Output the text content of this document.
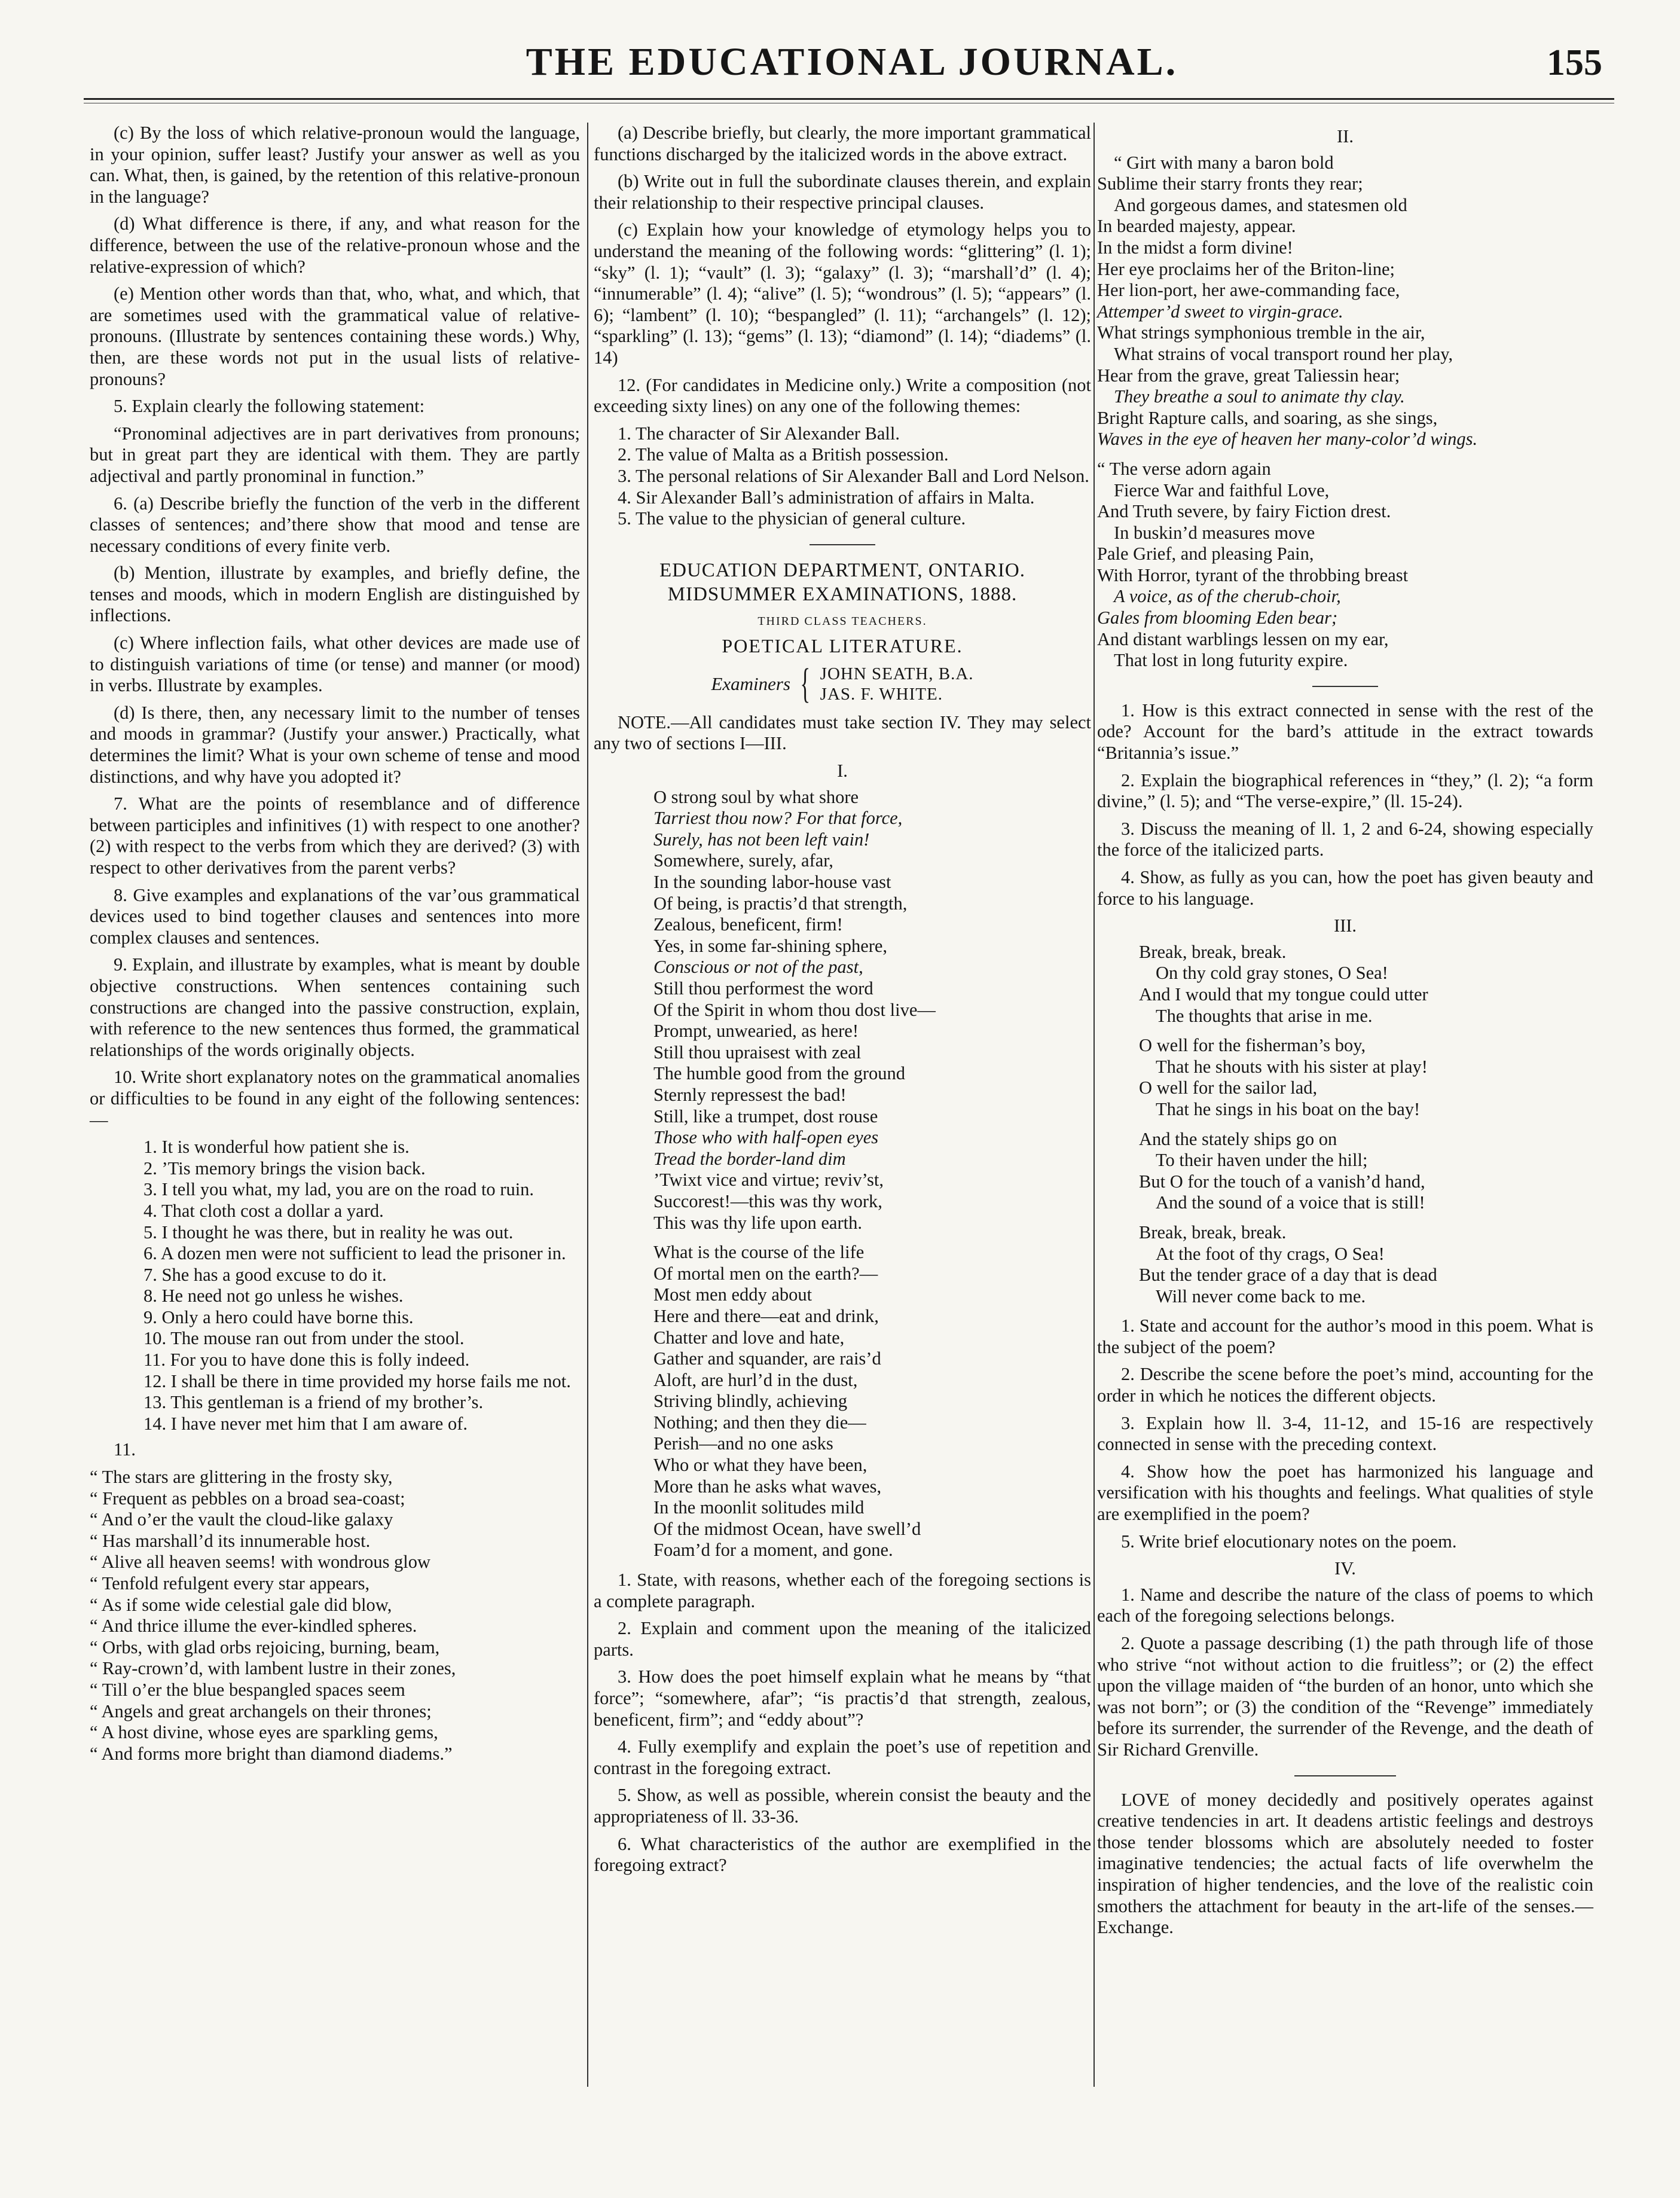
THE EDUCATIONAL JOURNAL.	155

(c) By the loss of which relative-pronoun would the language, in your opinion, suffer least? Justify your answer as well as you can. What, then, is gained, by the retention of this relative-pronoun in the language?

(d) What difference is there, if any, and what reason for the difference, between the use of the relative-pronoun whose and the relative-expression of which?

(e) Mention other words than that, who, what, and which, that are sometimes used with the grammatical value of relative-pronouns. (Illustrate by sentences containing these words.) Why, then, are these words not put in the usual lists of relative-pronouns?

5. Explain clearly the following statement:

“Pronominal adjectives are in part derivatives from pronouns; but in great part they are identical with them. They are partly adjectival and partly pronominal in function.”

6. (a) Describe briefly the function of the verb in the different classes of sentences; and’there show that mood and tense are necessary conditions of every finite verb.

(b) Mention, illustrate by examples, and briefly define, the tenses and moods, which in modern English are distinguished by inflections.

(c) Where inflection fails, what other devices are made use of to distinguish variations of time (or tense) and manner (or mood) in verbs. Illustrate by examples.

(d) Is there, then, any necessary limit to the number of tenses and moods in grammar? (Justify your answer.) Practically, what determines the limit? What is your own scheme of tense and mood distinctions, and why have you adopted it?

7. What are the points of resemblance and of difference between participles and infinitives (1) with respect to one another? (2) with respect to the verbs from which they are derived? (3) with respect to other derivatives from the parent verbs?

8. Give examples and explanations of the var’ous grammatical devices used to bind together clauses and sentences into more complex clauses and sentences.

9. Explain, and illustrate by examples, what is meant by double objective constructions. When sentences containing such constructions are changed into the passive construction, explain, with reference to the new sentences thus formed, the grammatical relationships of the words originally objects.

10. Write short explanatory notes on the grammatical anomalies or difficulties to be found in any eight of the following sentences:—

1. It is wonderful how patient she is.
2. ’Tis memory brings the vision back.
3. I tell you what, my lad, you are on the road to ruin.
4. That cloth cost a dollar a yard.
5. I thought he was there, but in reality he was out.
6. A dozen men were not sufficient to lead the prisoner in.
7. She has a good excuse to do it.
8. He need not go unless he wishes.
9. Only a hero could have borne this.
10. The mouse ran out from under the stool.
11. For you to have done this is folly indeed.
12. I shall be there in time provided my horse fails me not.
13. This gentleman is a friend of my brother’s.
14. I have never met him that I am aware of.

11.

“ The stars are glittering in the frosty sky,
“ Frequent as pebbles on a broad sea-coast;
“ And o’er the vault the cloud-like galaxy
“ Has marshall’d its innumerable host.
“ Alive all heaven seems! with wondrous glow
“ Tenfold refulgent every star appears,
“ As if some wide celestial gale did blow,
“ And thrice illume the ever-kindled spheres.
“ Orbs, with glad orbs rejoicing, burning, beam,
“ Ray-crown’d, with lambent lustre in their zones,
“ Till o’er the blue bespangled spaces seem
“ Angels and great archangels on their thrones;
“ A host divine, whose eyes are sparkling gems,
“ And forms more bright than diamond diadems.”

(a) Describe briefly, but clearly, the more important grammatical functions discharged by the italicized words in the above extract.

(b) Write out in full the subordinate clauses therein, and explain their relationship to their respective principal clauses.

(c) Explain how your knowledge of etymology helps you to understand the meaning of the following words: “glittering” (l. 1); “sky” (l. 1); “vault” (l. 3); “galaxy” (l. 3); “marshall’d” (l. 4); “innumerable” (l. 4); “alive” (l. 5); “wondrous” (l. 5); “appears” (l. 6); “lambent” (l. 10); “bespangled” (l. 11); “archangels” (l. 12); “sparkling” (l. 13); “gems” (l. 13); “diamond” (l. 14); “diadems” (l. 14)

12. (For candidates in Medicine only.) Write a composition (not exceeding sixty lines) on any one of the following themes:

1. The character of Sir Alexander Ball.
2. The value of Malta as a British possession.
3. The personal relations of Sir Alexander Ball and Lord Nelson.
4. Sir Alexander Ball’s administration of affairs in Malta.
5. The value to the physician of general culture.
EDUCATION DEPARTMENT, ONTARIO.
MIDSUMMER EXAMINATIONS, 1888.
THIRD CLASS TEACHERS.
POETICAL LITERATURE.
Examiners { JOHN SEATH, B.A.
JAS. F. WHITE.

NOTE.—All candidates must take section IV. They may select any two of sections I—III.

I.
O strong soul by what shore
Tarriest thou now? For that force,
Surely, has not been left vain!
Somewhere, surely, afar,
In the sounding labor-house vast
Of being, is practis’d that strength,
Zealous, beneficent, firm!
Yes, in some far-shining sphere,
Conscious or not of the past,
Still thou performest the word
Of the Spirit in whom thou dost live—
Prompt, unwearied, as here!
Still thou upraisest with zeal
The humble good from the ground
Sternly repressest the bad!
Still, like a trumpet, dost rouse
Those who with half-open eyes
Tread the border-land dim
’Twixt vice and virtue; reviv’st,
Succorest!—this was thy work,
This was thy life upon earth.
What is the course of the life
Of mortal men on the earth?—
Most men eddy about
Here and there—eat and drink,
Chatter and love and hate,
Gather and squander, are rais’d
Aloft, are hurl’d in the dust,
Striving blindly, achieving
Nothing; and then they die—
Perish—and no one asks
Who or what they have been,
More than he asks what waves,
In the moonlit solitudes mild
Of the midmost Ocean, have swell’d
Foam’d for a moment, and gone.

1. State, with reasons, whether each of the foregoing sections is a complete paragraph.

2. Explain and comment upon the meaning of the italicized parts.

3. How does the poet himself explain what he means by “that force”; “somewhere, afar”; “is practis’d that strength, zealous, beneficent, firm”; and “eddy about”?

4. Fully exemplify and explain the poet’s use of repetition and contrast in the foregoing extract.

5. Show, as well as possible, wherein consist the beauty and the appropriateness of ll. 33-36.

6. What characteristics of the author are exemplified in the foregoing extract?

II.
“ Girt with many a baron bold
Sublime their starry fronts they rear;
And gorgeous dames, and statesmen old
In bearded majesty, appear.
In the midst a form divine!
Her eye proclaims her of the Briton-line;
Her lion-port, her awe-commanding face,
Attemper’d sweet to virgin-grace.
What strings symphonious tremble in the air,
What strains of vocal transport round her play,
Hear from the grave, great Taliessin hear;
They breathe a soul to animate thy clay.
Bright Rapture calls, and soaring, as she sings,
Waves in the eye of heaven her many-color’d wings.
“ The verse adorn again
Fierce War and faithful Love,
And Truth severe, by fairy Fiction drest.
In buskin’d measures move
Pale Grief, and pleasing Pain,
With Horror, tyrant of the throbbing breast
A voice, as of the cherub-choir,
Gales from blooming Eden bear;
And distant warblings lessen on my ear,
That lost in long futurity expire.

1. How is this extract connected in sense with the rest of the ode? Account for the bard’s attitude in the extract towards “Britannia’s issue.”

2. Explain the biographical references in “they,” (l. 2); “a form divine,” (l. 5); and “The verse-expire,” (ll. 15-24).

3. Discuss the meaning of ll. 1, 2 and 6-24, showing especially the force of the italicized parts.

4. Show, as fully as you can, how the poet has given beauty and force to his language.

III.
Break, break, break.
On thy cold gray stones, O Sea!
And I would that my tongue could utter
The thoughts that arise in me.
O well for the fisherman’s boy,
That he shouts with his sister at play!
O well for the sailor lad,
That he sings in his boat on the bay!
And the stately ships go on
To their haven under the hill;
But O for the touch of a vanish’d hand,
And the sound of a voice that is still!
Break, break, break.
At the foot of thy crags, O Sea!
But the tender grace of a day that is dead
Will never come back to me.

1. State and account for the author’s mood in this poem. What is the subject of the poem?

2. Describe the scene before the poet’s mind, accounting for the order in which he notices the different objects.

3. Explain how ll. 3-4, 11-12, and 15-16 are respectively connected in sense with the preceding context.

4. Show how the poet has harmonized his language and versification with his thoughts and feelings. What qualities of style are exemplified in the poem?

5. Write brief elocutionary notes on the poem.

IV.

1. Name and describe the nature of the class of poems to which each of the foregoing selections belongs.

2. Quote a passage describing (1) the path through life of those who strive “not without action to die fruitless”; or (2) the effect upon the village maiden of “the burden of an honor, unto which she was not born”; or (3) the condition of the “Revenge” immediately before its surrender, the surrender of the Revenge, and the death of Sir Richard Grenville.

LOVE of money decidedly and positively operates against creative tendencies in art. It deadens artistic feelings and destroys those tender blossoms which are absolutely needed to foster imaginative tendencies; the actual facts of life overwhelm the inspiration of higher tendencies, and the love of the realistic coin smothers the attachment for beauty in the art-life of the senses.—Exchange.
